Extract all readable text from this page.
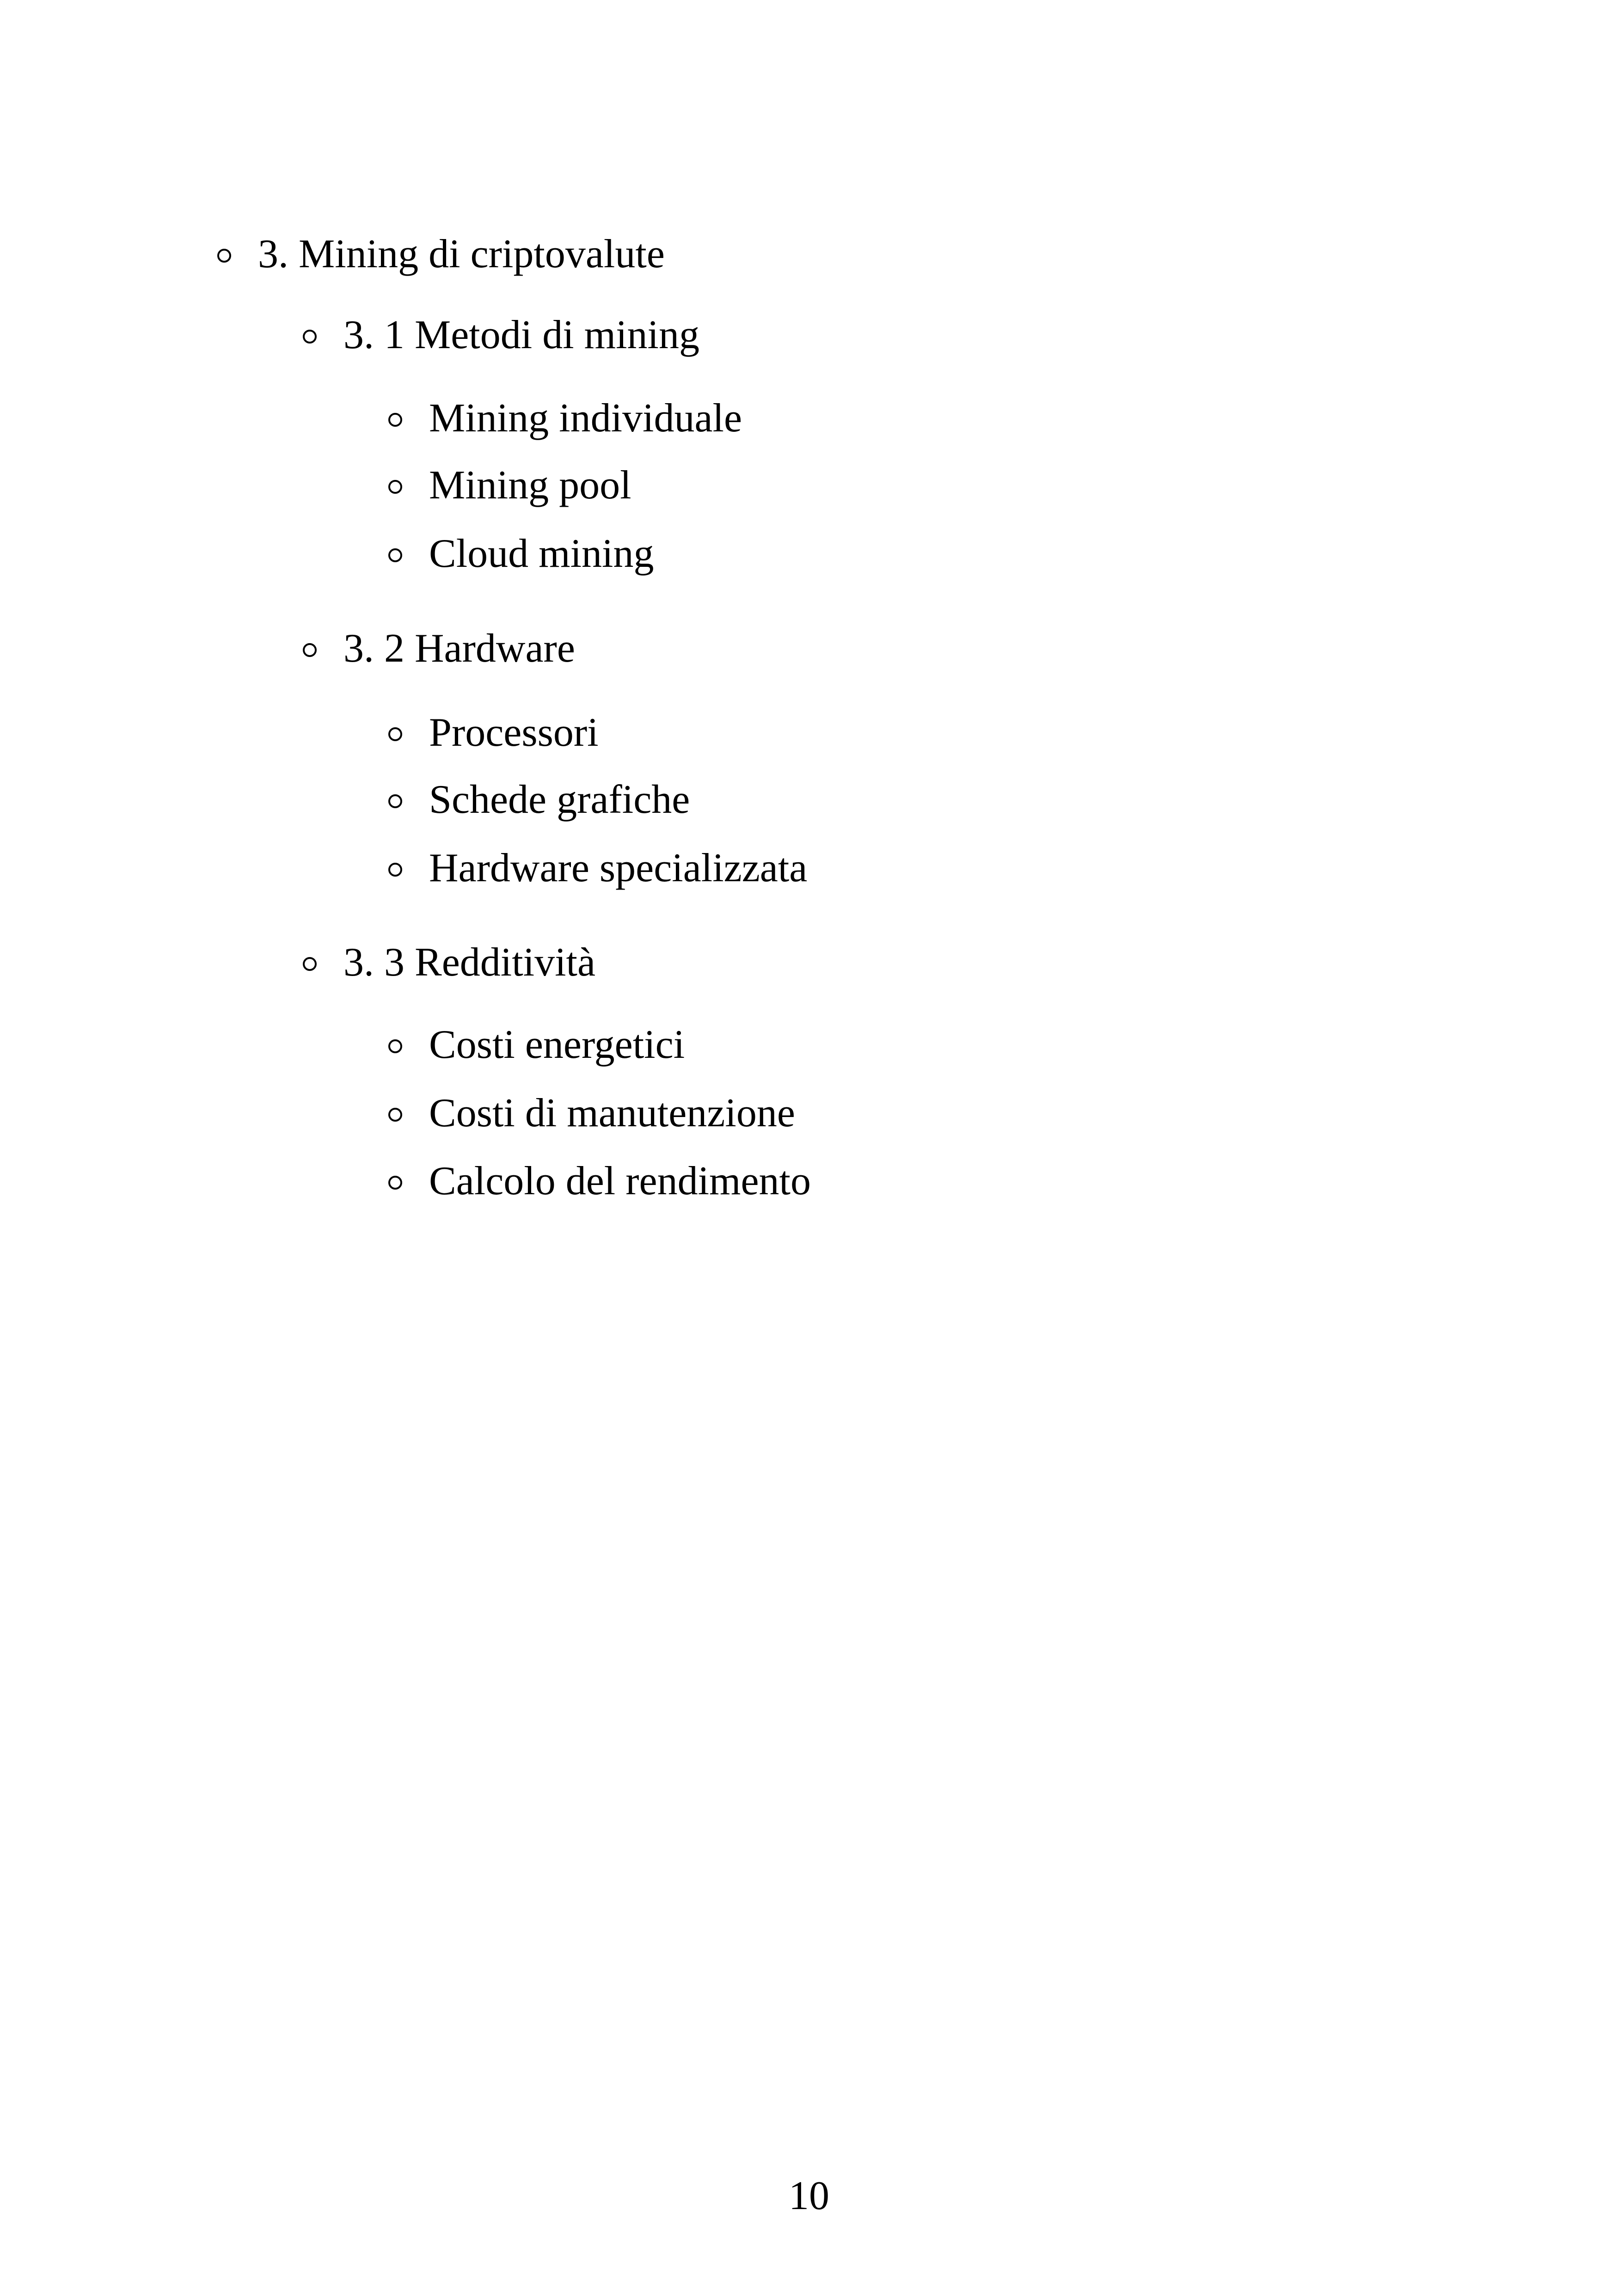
3. Mining di criptovalute
3. 1 Metodi di mining
Mining individuale
Mining pool
Cloud mining
3. 2 Hardware
Processori
Schede grafiche
Hardware specializzata
3. 3 Redditività
Costi energetici
Costi di manutenzione
Calcolo del rendimento
10
